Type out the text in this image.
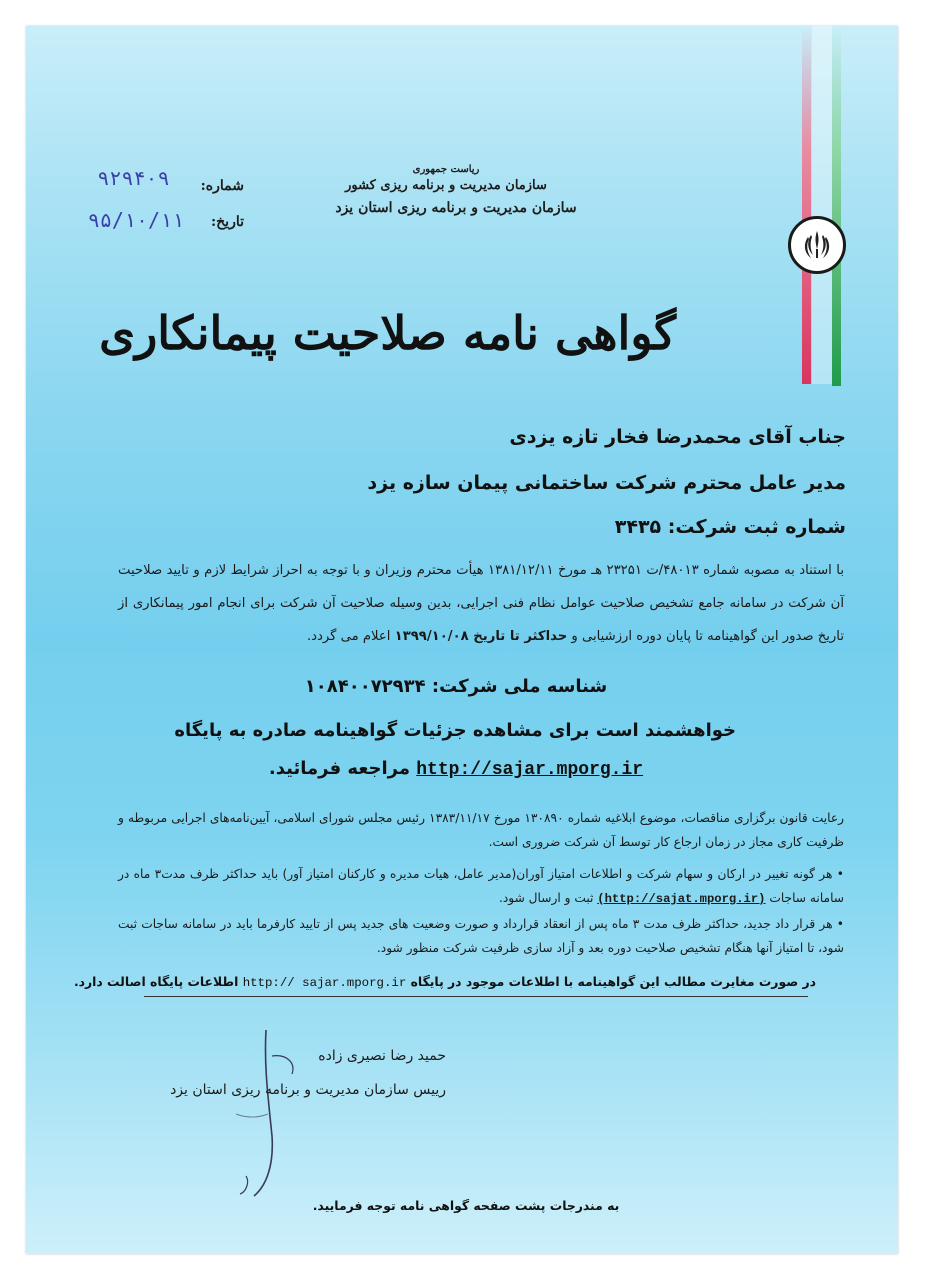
ریاست جمهوری
سازمان مدیریت و برنامه ریزی کشور
سازمان مدیریت و برنامه ریزی استان یزد
شماره:
۹۲۹۴۰۹
تاریخ:
۹۵/۱۰/۱۱
گواهی نامه صلاحیت پیمانکاری
جناب آقای محمدرضا فخار تازه یزدی
مدیر عامل محترم شرکت ساختمانی پیمان سازه یزد
شماره ثبت شرکت: ۳۴۳۵
با استناد به مصوبه شماره ۴۸۰۱۳/ت ۲۳۲۵۱ هـ مورخ ۱۳۸۱/۱۲/۱۱ هیأت محترم وزیران و با توجه به احراز شرایط لازم و تایید صلاحیت آن شرکت در سامانه جامع تشخیص صلاحیت عوامل نظام فنی اجرایی، بدین وسیله صلاحیت آن شرکت برای انجام امور پیمانکاری از تاریخ صدور این گواهینامه تا پایان دوره ارزشیابی و حداکثر تا تاریخ ۱۳۹۹/۱۰/۰۸ اعلام می گردد.
شناسه ملی شرکت: ۱۰۸۴۰۰۷۲۹۳۴
خواهشمند است برای مشاهده جزئیات گواهینامه صادره به پایگاه
http://sajar.mporg.ir مراجعه فرمائید.
رعایت قانون برگزاری مناقصات، موضوع ابلاغیه شماره ۱۳۰۸۹۰ مورخ ۱۳۸۳/۱۱/۱۷ رئیس مجلس شورای اسلامی، آیین‌نامه‌های اجرایی مربوطه و ظرفیت کاری مجاز در زمان ارجاع کار توسط آن شرکت ضروری است.
• هر گونه تغییر در ارکان و سهام شرکت و اطلاعات امتیاز آوران(مدیر عامل، هیات مدیره و کارکنان امتیاز آور) باید حداکثر ظرف مدت۳ ماه در سامانه ساجات (http://sajat.mporg.ir) ثبت و ارسال شود.
• هر قرار داد جدید، حداکثر ظرف مدت ۳ ماه پس از انعقاد قرارداد و صورت وضعیت های جدید پس از تایید کارفرما باید در سامانه ساجات ثبت شود، تا امتیاز آنها هنگام تشخیص صلاحیت دوره بعد و آزاد سازی ظرفیت شرکت منظور شود.
در صورت مغایرت مطالب این گواهینامه با اطلاعات موجود در پایگاه http:// sajar.mporg.ir اطلاعات پایگاه اصالت دارد.
حمید رضا نصیری زاده
رییس سازمان مدیریت و برنامه ریزی استان یزد
به مندرجات پشت صفحه گواهی نامه توجه فرمایید.
